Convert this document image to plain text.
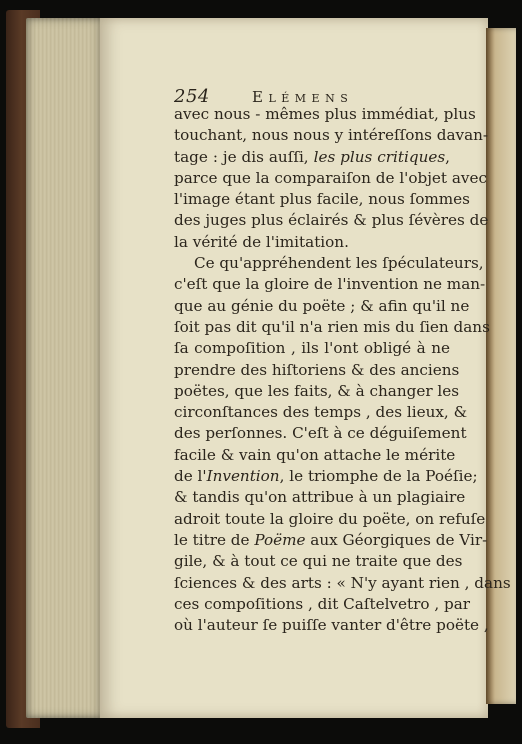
254	Elémens
avec nous - mêmes plus immédiat, plus
touchant, nous nous y intéreſſons davan-
tage : je dis auſſi, les plus critiques,
parce que la comparaiſon de l'objet avec
l'image étant plus facile, nous ſommes
des juges plus éclairés & plus ſévères de
la vérité de l'imitation.
Ce qu'appréhendent les ſpéculateurs,
c'eſt que la gloire de l'invention ne man-
que au génie du poëte ; & afin qu'il ne
ſoit pas dit qu'il n'a rien mis du ſien dans
ſa compoſition , ils l'ont obligé à ne
prendre des hiſtoriens & des anciens
poëtes, que les faits, & à changer les
circonſtances des temps , des lieux, &
des perſonnes. C'eſt à ce déguiſement
facile & vain qu'on attache le mérite
de l'Invention, le triomphe de la Poéſie;
& tandis qu'on attribue à un plagiaire
adroit toute la gloire du poëte, on refuſe
le titre de Poëme aux Géorgiques de Vir-
gile, & à tout ce qui ne traite que des
ſciences & des arts : « N'y ayant rien , dans
ces compoſitions , dit Caſtelvetro , par
où l'auteur ſe puiſſe vanter d'être poëte ,
